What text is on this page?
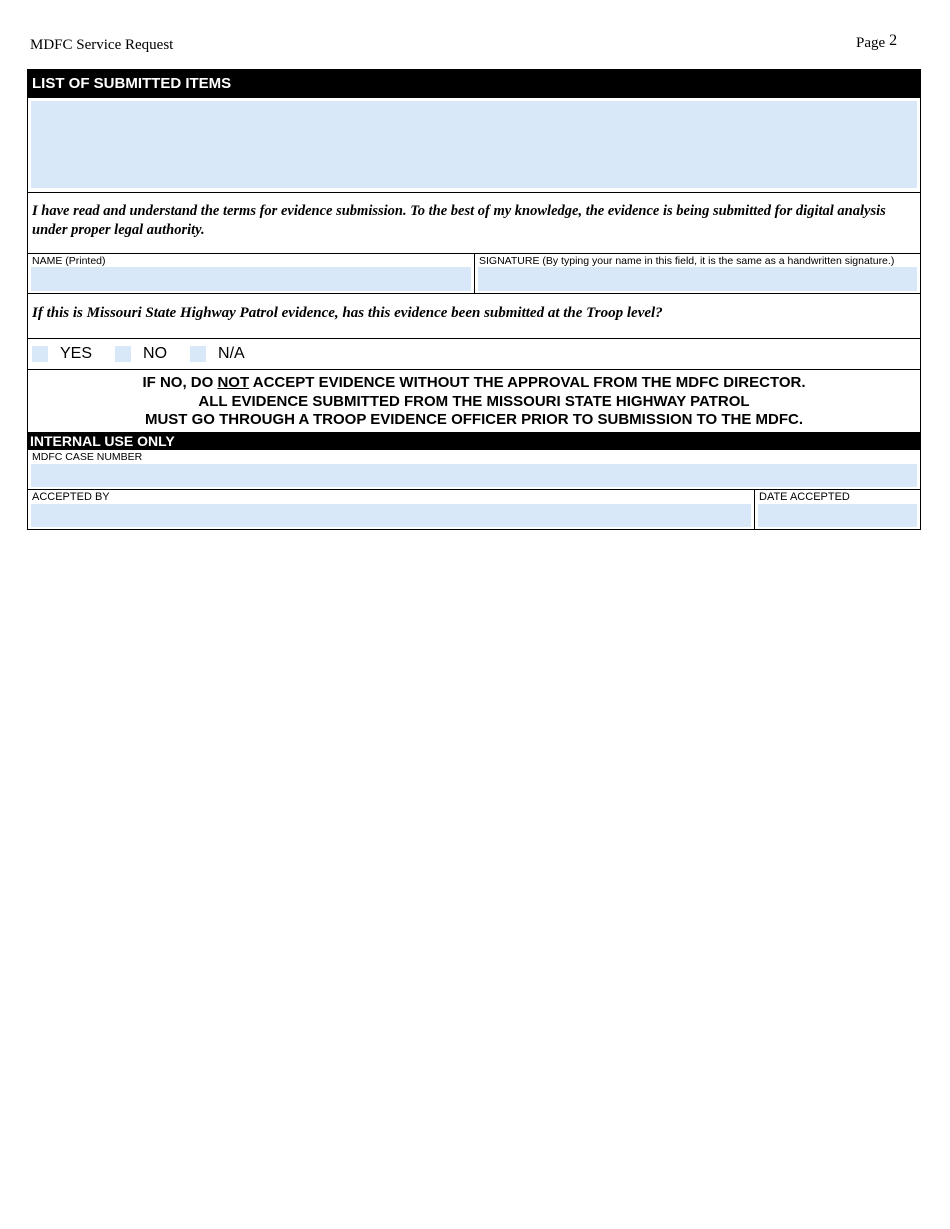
MDFC Service Request	Page 2
LIST OF SUBMITTED ITEMS
I have read and understand the terms for evidence submission. To the best of my knowledge, the evidence is being submitted for digital analysis under proper legal authority.
NAME (Printed)	SIGNATURE (By typing your name in this field, it is the same as a handwritten signature.)
If this is Missouri State Highway Patrol evidence, has this evidence been submitted at the Troop level?
YES	NO	N/A
IF NO, DO NOT ACCEPT EVIDENCE WITHOUT THE APPROVAL FROM THE MDFC DIRECTOR.
ALL EVIDENCE SUBMITTED FROM THE MISSOURI STATE HIGHWAY PATROL
MUST GO THROUGH A TROOP EVIDENCE OFFICER PRIOR TO SUBMISSION TO THE MDFC.
INTERNAL USE ONLY
MDFC CASE NUMBER
ACCEPTED BY	DATE ACCEPTED
